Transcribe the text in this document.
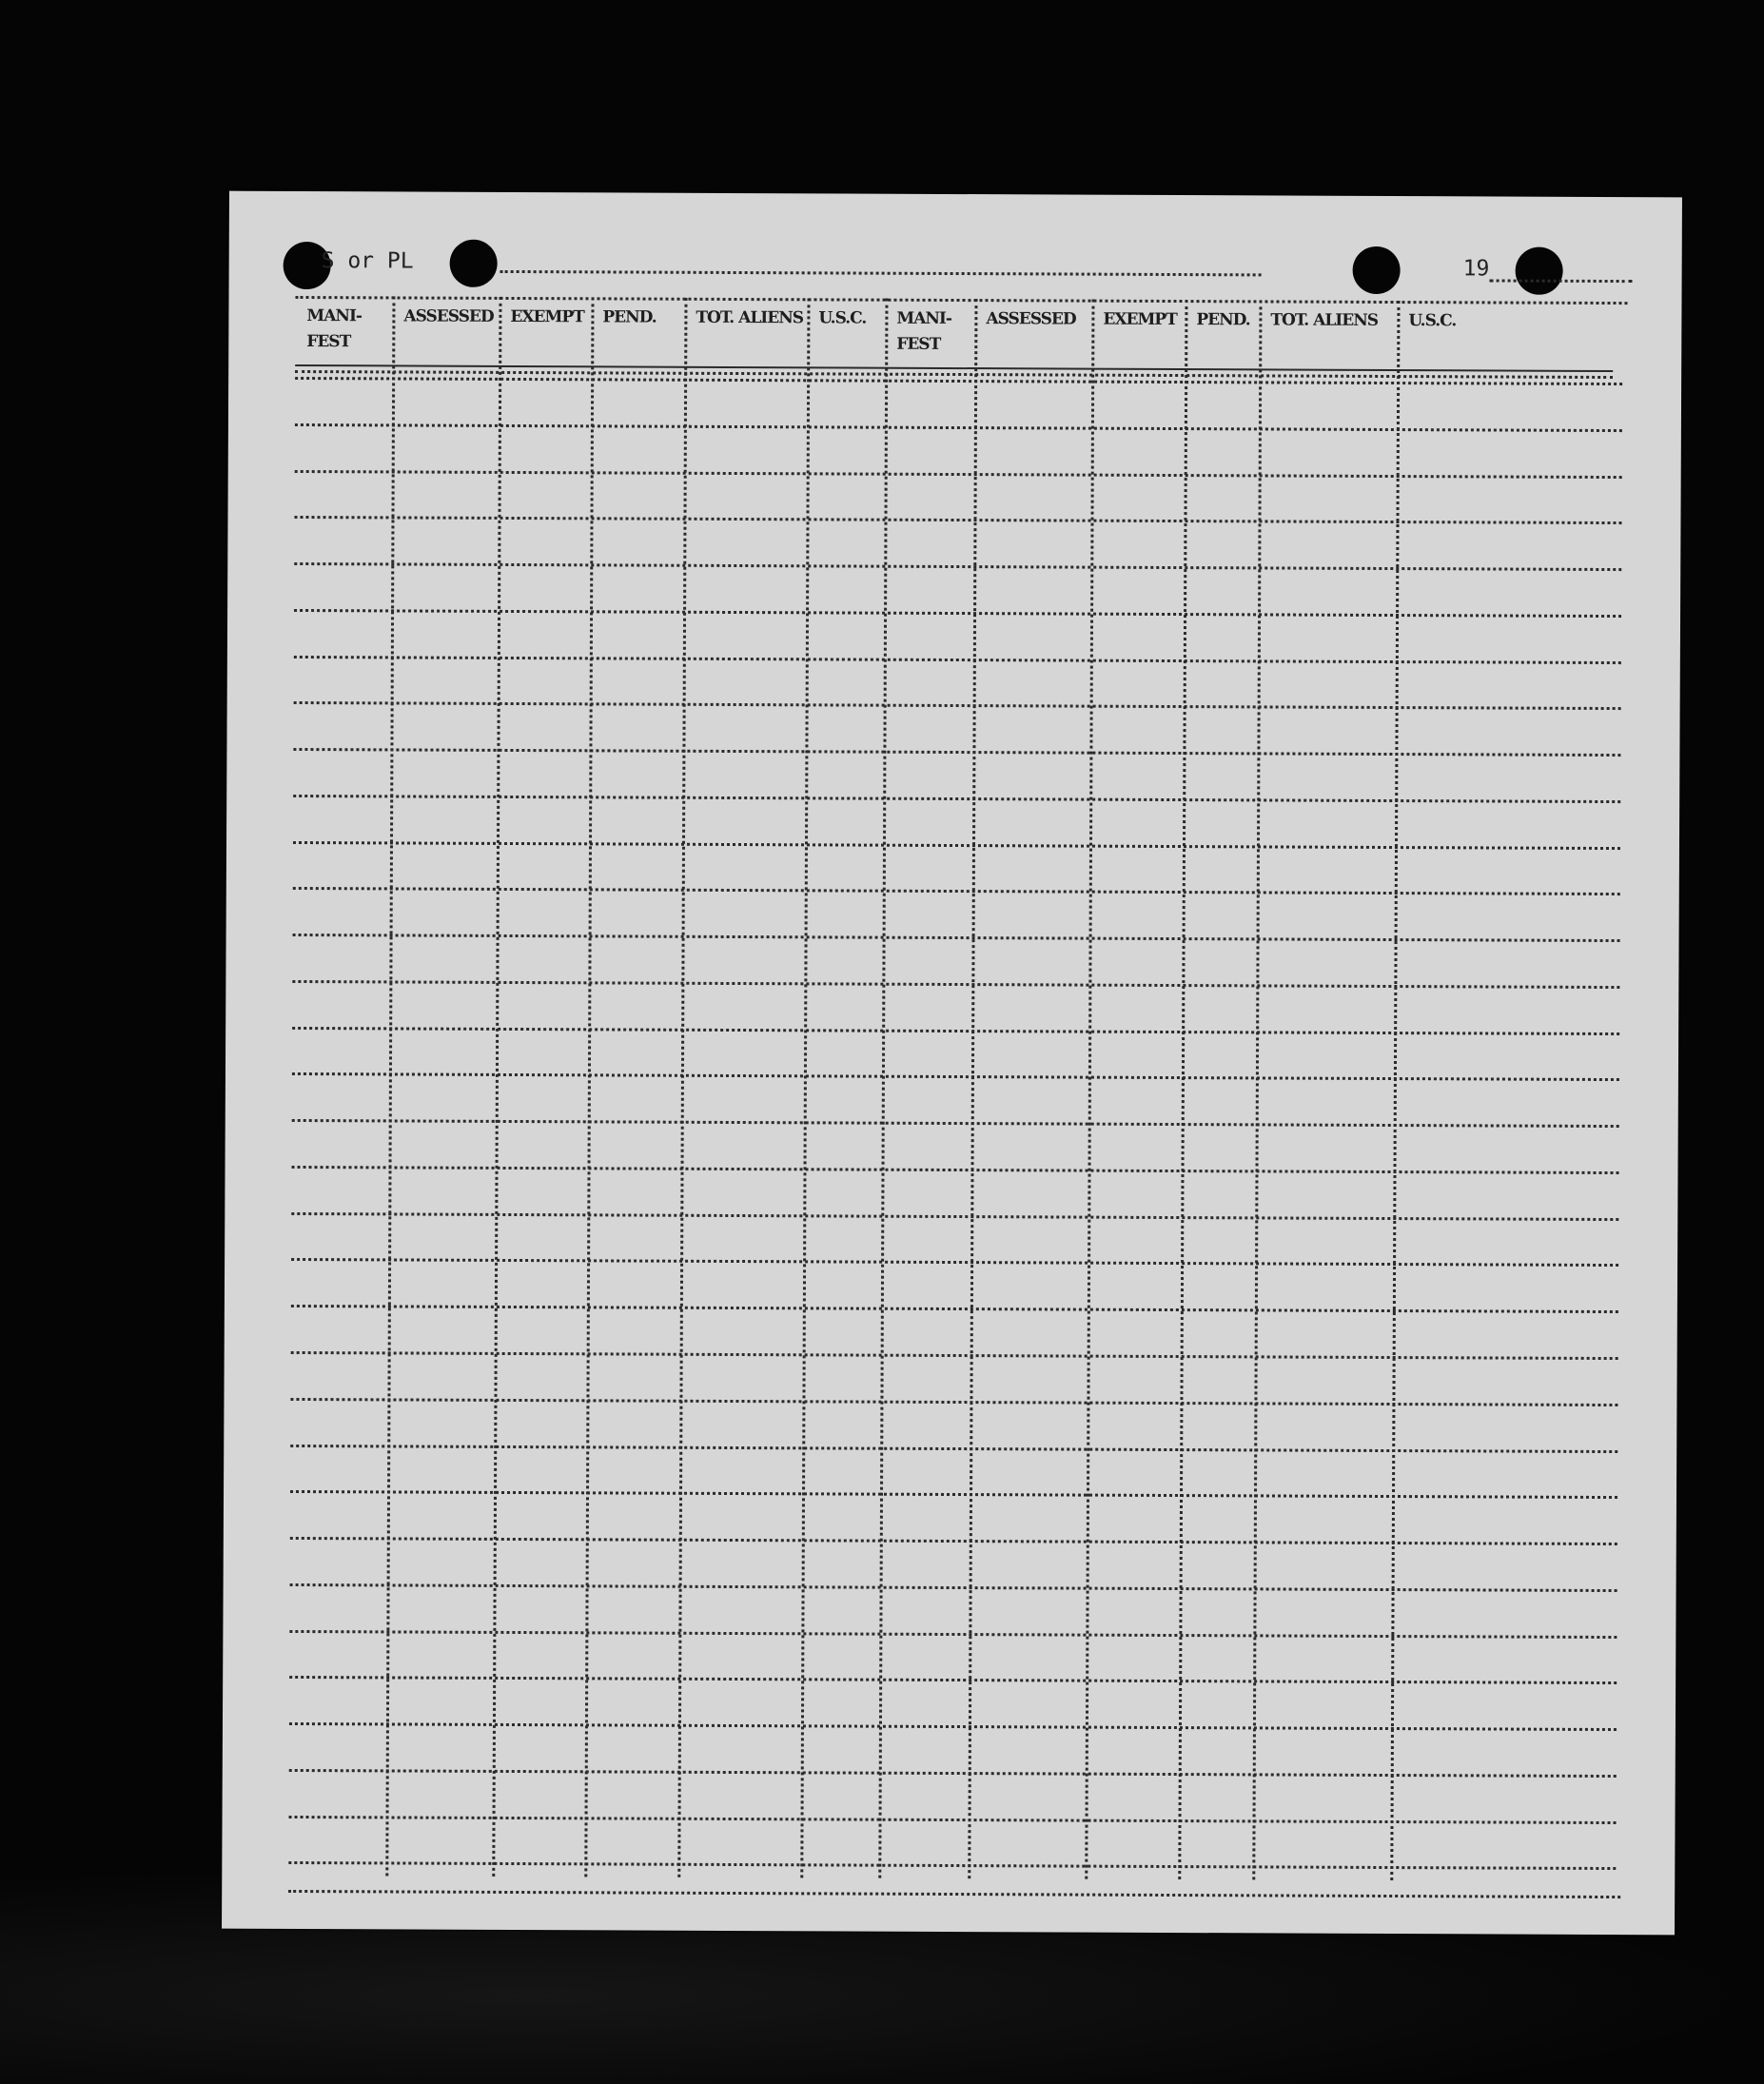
S or PL	19
MANI-
FEST
ASSESSED EXEMPT PEND. TOT. ALIENS U.S.C. MANI-
FEST
ASSESSED EXEMPT PEND. TOT. ALIENS U.S.C.
